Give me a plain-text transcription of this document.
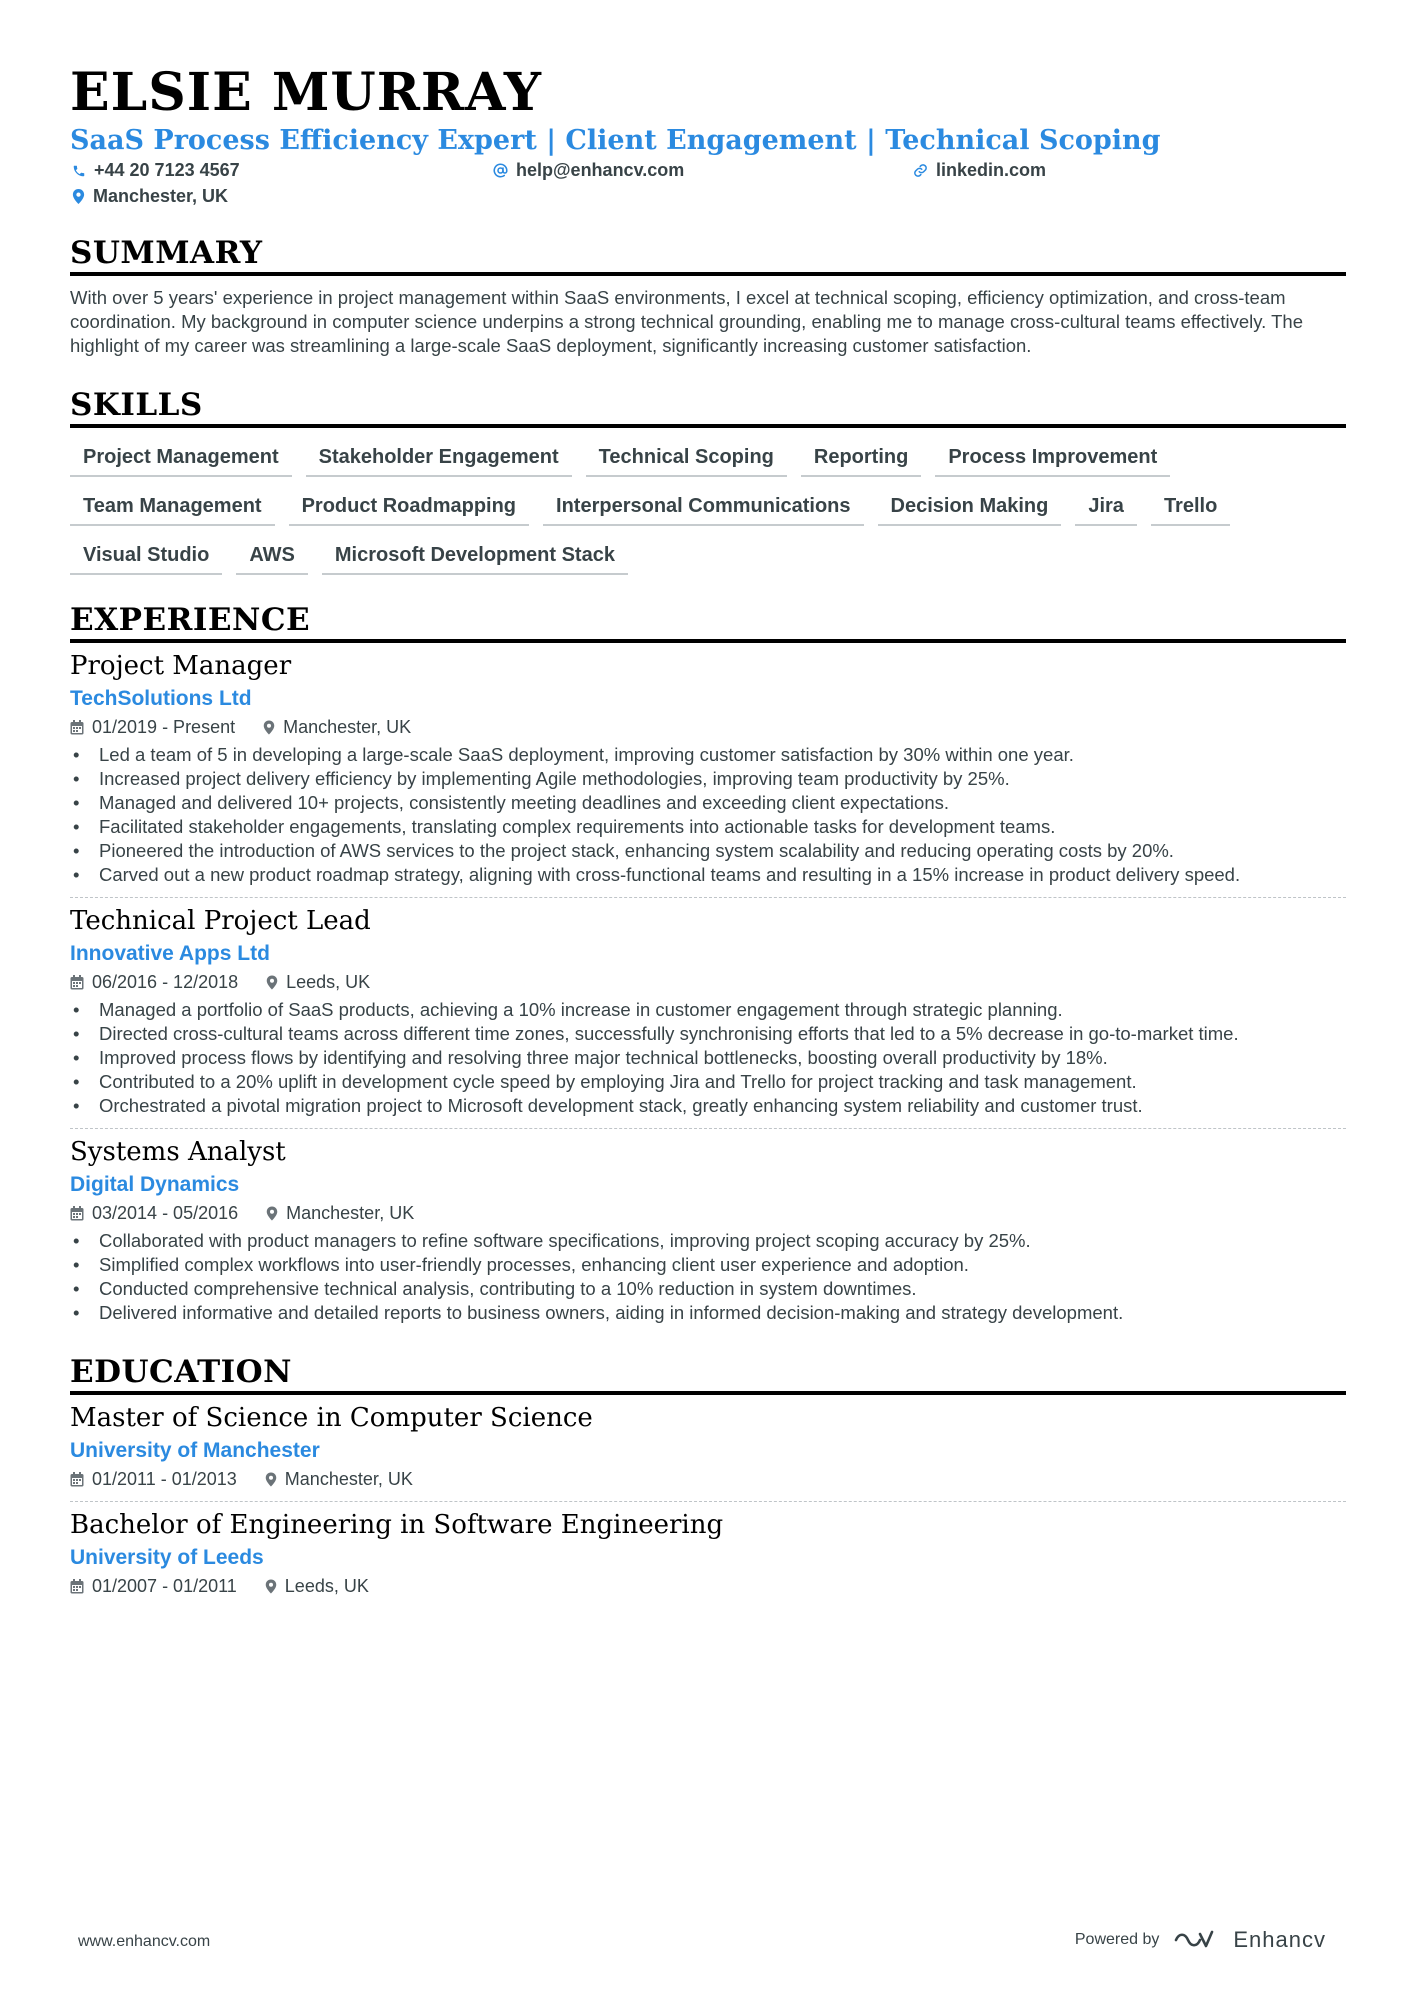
ELSIE MURRAY
SaaS Process Efficiency Expert | Client Engagement | Technical Scoping
+44 20 7123 4567	help@enhancv.com	linkedin.com
Manchester, UK
SUMMARY
With over 5 years' experience in project management within SaaS environments, I excel at technical scoping, efficiency optimization, and cross-team coordination. My background in computer science underpins a strong technical grounding, enabling me to manage cross-cultural teams effectively. The highlight of my career was streamlining a large-scale SaaS deployment, significantly increasing customer satisfaction.
SKILLS
Project Management	Stakeholder Engagement	Technical Scoping	Reporting	Process Improvement
Team Management	Product Roadmapping	Interpersonal Communications	Decision Making	Jira	Trello
Visual Studio	AWS	Microsoft Development Stack
EXPERIENCE
Project Manager
TechSolutions Ltd
01/2019 - Present	Manchester, UK
• Led a team of 5 in developing a large-scale SaaS deployment, improving customer satisfaction by 30% within one year.
• Increased project delivery efficiency by implementing Agile methodologies, improving team productivity by 25%.
• Managed and delivered 10+ projects, consistently meeting deadlines and exceeding client expectations.
• Facilitated stakeholder engagements, translating complex requirements into actionable tasks for development teams.
• Pioneered the introduction of AWS services to the project stack, enhancing system scalability and reducing operating costs by 20%.
• Carved out a new product roadmap strategy, aligning with cross-functional teams and resulting in a 15% increase in product delivery speed.
Technical Project Lead
Innovative Apps Ltd
06/2016 - 12/2018	Leeds, UK
• Managed a portfolio of SaaS products, achieving a 10% increase in customer engagement through strategic planning.
• Directed cross-cultural teams across different time zones, successfully synchronising efforts that led to a 5% decrease in go-to-market time.
• Improved process flows by identifying and resolving three major technical bottlenecks, boosting overall productivity by 18%.
• Contributed to a 20% uplift in development cycle speed by employing Jira and Trello for project tracking and task management.
• Orchestrated a pivotal migration project to Microsoft development stack, greatly enhancing system reliability and customer trust.
Systems Analyst
Digital Dynamics
03/2014 - 05/2016	Manchester, UK
• Collaborated with product managers to refine software specifications, improving project scoping accuracy by 25%.
• Simplified complex workflows into user-friendly processes, enhancing client user experience and adoption.
• Conducted comprehensive technical analysis, contributing to a 10% reduction in system downtimes.
• Delivered informative and detailed reports to business owners, aiding in informed decision-making and strategy development.
EDUCATION
Master of Science in Computer Science
University of Manchester
01/2011 - 01/2013	Manchester, UK
Bachelor of Engineering in Software Engineering
University of Leeds
01/2007 - 01/2011	Leeds, UK
www.enhancv.com	Powered by	Enhancv
